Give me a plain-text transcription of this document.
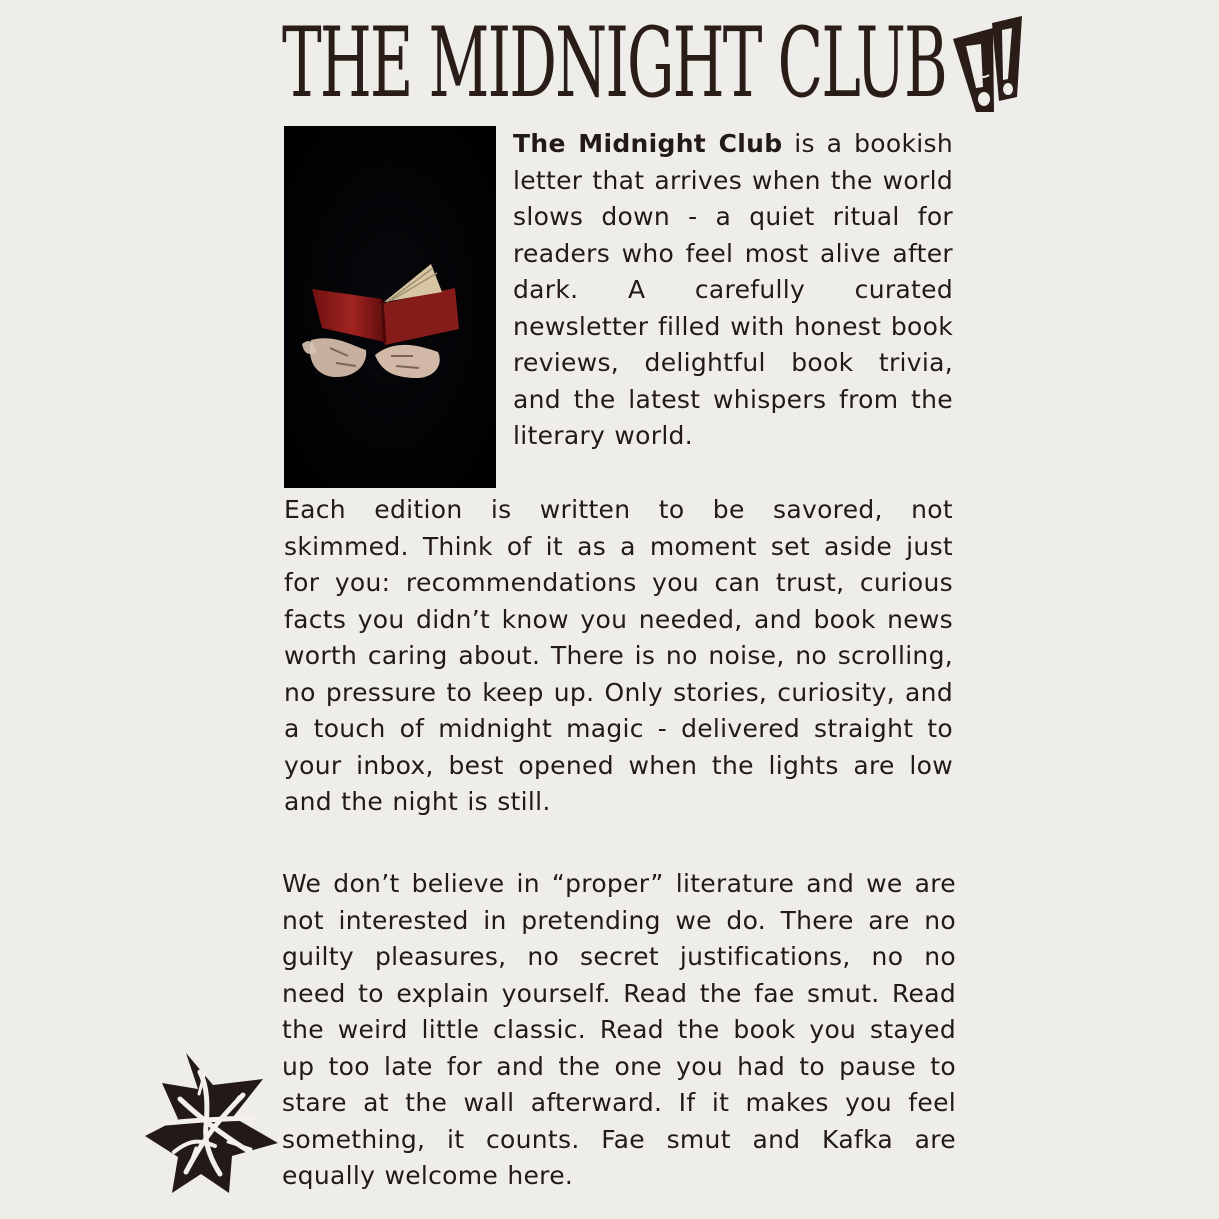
THE MIDNIGHT CLUB

The Midnight Club is a bookish letter that arrives when the world slows down - a quiet ritual for readers who feel most alive after dark. A carefully curated newsletter filled with honest book reviews, delightful book trivia, and the latest whispers from the literary world.

Each edition is written to be savored, not skimmed. Think of it as a moment set aside just for you: recommendations you can trust, curious facts you didn’t know you needed, and book news worth caring about. There is no noise, no scrolling, no pressure to keep up. Only stories, curiosity, and a touch of midnight magic - delivered straight to your inbox, best opened when the lights are low and the night is still.

We don’t believe in “proper” literature and we are not interested in pretending we do. There are no guilty pleasures, no secret justifications, no no need to explain yourself. Read the fae smut. Read the weird little classic. Read the book you stayed up too late for and the one you had to pause to stare at the wall afterward. If it makes you feel something, it counts. Fae smut and Kafka are equally welcome here.
